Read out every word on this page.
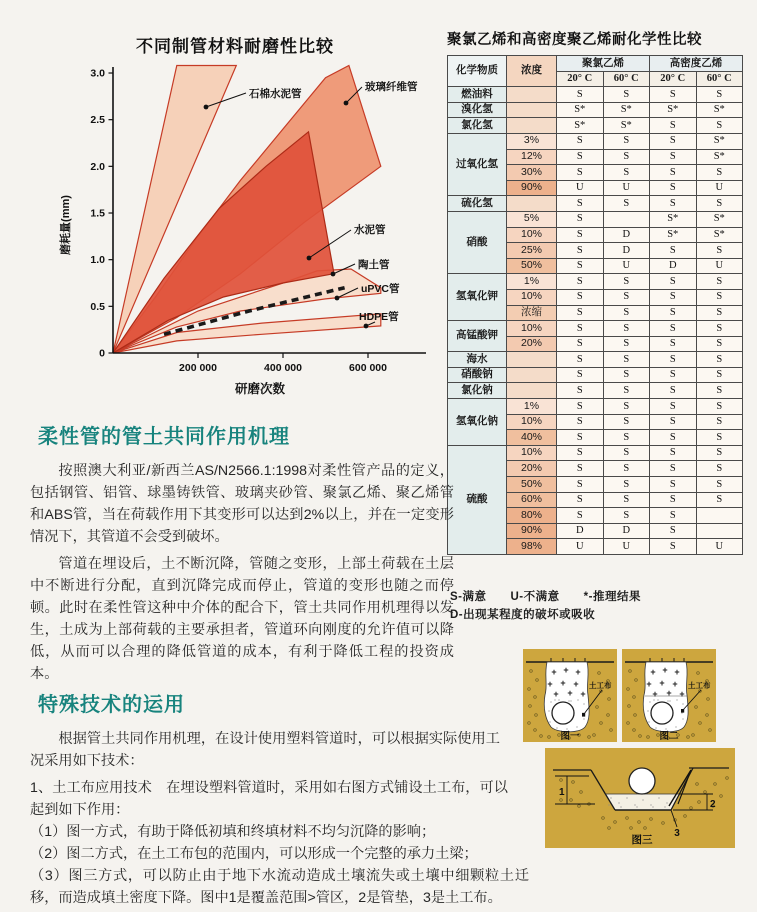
0
0.5
1.0
1.5
2.0
2.5
3.0
200 000	400 000	600 000
石棉水泥管
玻璃纤维管
uPVC管
HDPE管
水泥管
陶土管
研磨次数
磨耗量(mm)
不同制管材料耐磨性比较	聚氯乙烯和高密度聚乙烯耐化学性比较
化学物质	浓度	聚氯乙烯		高密度乙烯	
		20° C	60° C	20° C	60° C
燃油料		S	S	S	S
溴化氢		S*	S*	S*	S*
氯化氢		S*	S*	S	S
过氧化氢	3%	S	S	S	S*
	12%	S	S	S	S*
	30%	S	S	S	S
	90%	U	U	S	U
硫化氢		S	S	S	S
硝酸	5%	S		S*	S*
	10%	S	D	S*	S*
	25%	S	D	S	S
	50%	S	U	D	U
氢氧化钾	1%	S	S	S	S
	10%	S	S	S	S
	浓缩	S	S	S	S
高锰酸钾	10%	S	S	S	S
	20%	S	S	S	S
海水		S	S	S	S
硝酸钠		S	S	S	S
氯化钠		S	S	S	S
氢氧化钠	1%	S	S	S	S
	10%	S	S	S	S
	40%	S	S	S	S
硫酸	10%	S	S	S	S
	20%	S	S	S	S
	50%	S	S	S	S
	60%	S	S	S	S
	80%	S	S	S	
	90%	D	D	S	
	98%	U	U	S	U
S-满意　　U-不满意　　*-推理结果
D-出现某程度的破坏或吸收
柔性管的管土共同作用机理

按照澳大利亚/新西兰AS/N2566.1:1998对柔性管产品的定义，包括钢管、铝管、球墨铸铁管、玻璃夹砂管、聚氯乙烯、聚乙烯管和ABS管，当在荷载作用下其变形可以达到2%以上，并在一定变形情况下，其管道不会受到破坏。

管道在埋设后，土不断沉降，管随之变形，上部土荷载在土层中不断进行分配，直到沉降完成而停止，管道的变形也随之而停顿。此时在柔性管这种中介体的配合下，管土共同作用机理得以发生，土成为上部荷载的主要承担者，管道环向刚度的允许值可以降低，从而可以合理的降低管道的成本，有利于降低工程的投资成本。

特殊技术的运用

根据管土共同作用机理，在设计使用塑料管道时，可以根据实际使用工况采用如下技术：

1、土工布应用技术　在埋设塑料管道时，采用如右图方式铺设土工布，可以起到如下作用：

（1）图一方式，有助于降低初填和终填材料不均匀沉降的影响；

（2）图二方式，在土工布包的范围内，可以形成一个完整的承力土梁；

（3）图三方式，可以防止由于地下水流动造成土壤流失或土壤中细颗粒土迁移，而造成填土密度下降。图中1是覆盖范围>管区，2是管垫，3是土工布。

+ + +
+ + +
+ + +
土工布
图一
+ + +
+ + +
+ + +
土工布
图二
1
2
3
图三
